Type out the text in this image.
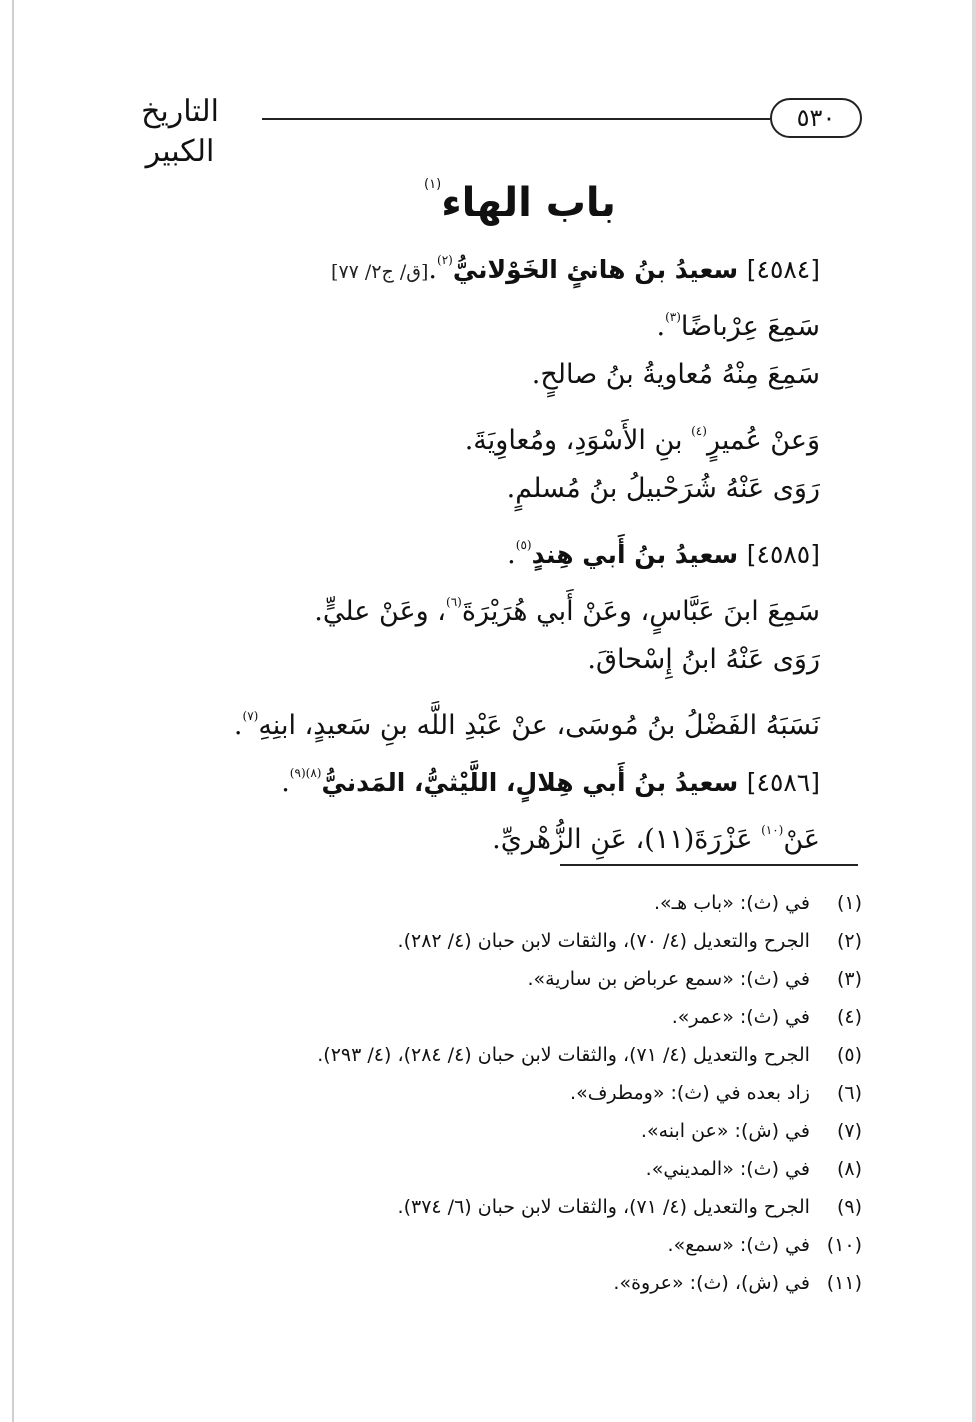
التاريخ الكبير
٥٣٠
باب الهاء$^{(١)}$
[٤٥٨٤] سعيدُ بنُ هانئٍ الخَوْلانيُّ$^{(٢)}$.[ق/ ج٢/ ٧٧]
سَمِعَ عِرْباضًا$^{(٣)}$.
سَمِعَ مِنْهُ مُعاويةُ بنُ صالحٍ.
وَعنْ عُميرٍ$^{(٤)}$ بنِ الأَسْوَدِ، ومُعاوِيَةَ.
رَوَى عَنْهُ شُرَحْبيلُ بنُ مُسلمٍ.
[٤٥٨٥] سعيدُ بنُ أَبي هِندٍ$^{(٥)}$.
سَمِعَ ابنَ عَبَّاسٍ، وعَنْ أَبي هُرَيْرَةَ$^{(٦)}$، وعَنْ عليٍّ.
رَوَى عَنْهُ ابنُ إِسْحاقَ.
نَسَبَهُ الفَضْلُ بنُ مُوسَى، عنْ عَبْدِ اللَّه بنِ سَعيدٍ، ابنِهِ$^{(٧)}$.
[٤٥٨٦] سعيدُ بنُ أَبي هِلالٍ، اللَّيْثيُّ، المَدنيُّ$^{(٨)(٩)}$.
عَنْ$^{(١٠)}$ عَزْرَةَ(١١)، عَنِ الزُّهْريِّ.
(١) في (ث): «باب هـ».
(٢) الجرح والتعديل (٤/ ٧٠)، والثقات لابن حبان (٤/ ٢٨٢).
(٣) في (ث): «سمع عرباض بن سارية».
(٤) في (ث): «عمر».
(٥) الجرح والتعديل (٤/ ٧١)، والثقات لابن حبان (٤/ ٢٨٤)، (٤/ ٢٩٣).
(٦) زاد بعده في (ث): «ومطرف».
(٧) في (ش): «عن ابنه».
(٨) في (ث): «المديني».
(٩) الجرح والتعديل (٤/ ٧١)، والثقات لابن حبان (٦/ ٣٧٤).
(١٠) في (ث): «سمع».
(١١) في (ش)، (ث): «عروة».
